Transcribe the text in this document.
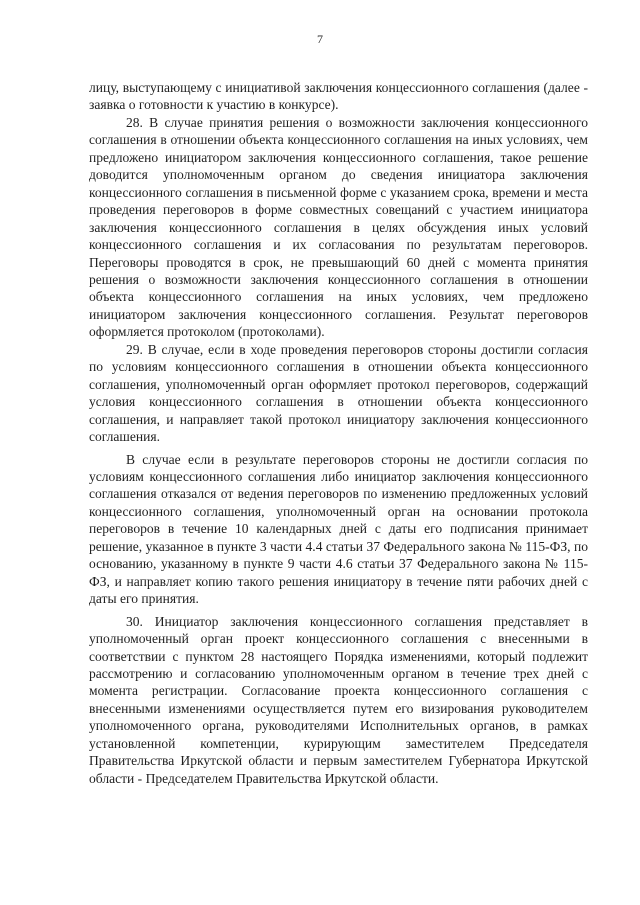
7

лицу, выступающему с инициативой заключения концессионного соглашения (далее - заявка о готовности к участию в конкурсе).

28. В случае принятия решения о возможности заключения концессионного соглашения в отношении объекта концессионного соглашения на иных условиях, чем предложено инициатором заключения концессионного соглашения, такое решение доводится уполномоченным органом до сведения инициатора заключения концессионного соглашения в письменной форме с указанием срока, времени и места проведения переговоров в форме совместных совещаний с участием инициатора заключения концессионного соглашения в целях обсуждения иных условий концессионного соглашения и их согласования по результатам переговоров. Переговоры проводятся в срок, не превышающий 60 дней с момента принятия решения о возможности заключения концессионного соглашения в отношении объекта концессионного соглашения на иных условиях, чем предложено инициатором заключения концессионного соглашения. Результат переговоров оформляется протоколом (протоколами).

29. В случае, если в ходе проведения переговоров стороны достигли согласия по условиям концессионного соглашения в отношении объекта концессионного соглашения, уполномоченный орган оформляет протокол переговоров, содержащий условия концессионного соглашения в отношении объекта концессионного соглашения, и направляет такой протокол инициатору заключения концессионного соглашения.

В случае если в результате переговоров стороны не достигли согласия по условиям концессионного соглашения либо инициатор заключения концессионного соглашения отказался от ведения переговоров по изменению предложенных условий концессионного соглашения, уполномоченный орган на основании протокола переговоров в течение 10 календарных дней с даты его подписания принимает решение, указанное в пункте 3 части 4.4 статьи 37 Федерального закона № 115-ФЗ, по основанию, указанному в пункте 9 части 4.6 статьи 37 Федерального закона № 115-ФЗ, и направляет копию такого решения инициатору в течение пяти рабочих дней с даты его принятия.

30. Инициатор заключения концессионного соглашения представляет в уполномоченный орган проект концессионного соглашения с внесенными в соответствии с пунктом 28 настоящего Порядка изменениями, который подлежит рассмотрению и согласованию уполномоченным органом в течение трех дней с момента регистрации. Согласование проекта концессионного соглашения с внесенными изменениями осуществляется путем его визирования руководителем уполномоченного органа, руководителями Исполнительных органов, в рамках установленной компетенции, курирующим заместителем Председателя Правительства Иркутской области и первым заместителем Губернатора Иркутской области - Председателем Правительства Иркутской области.
